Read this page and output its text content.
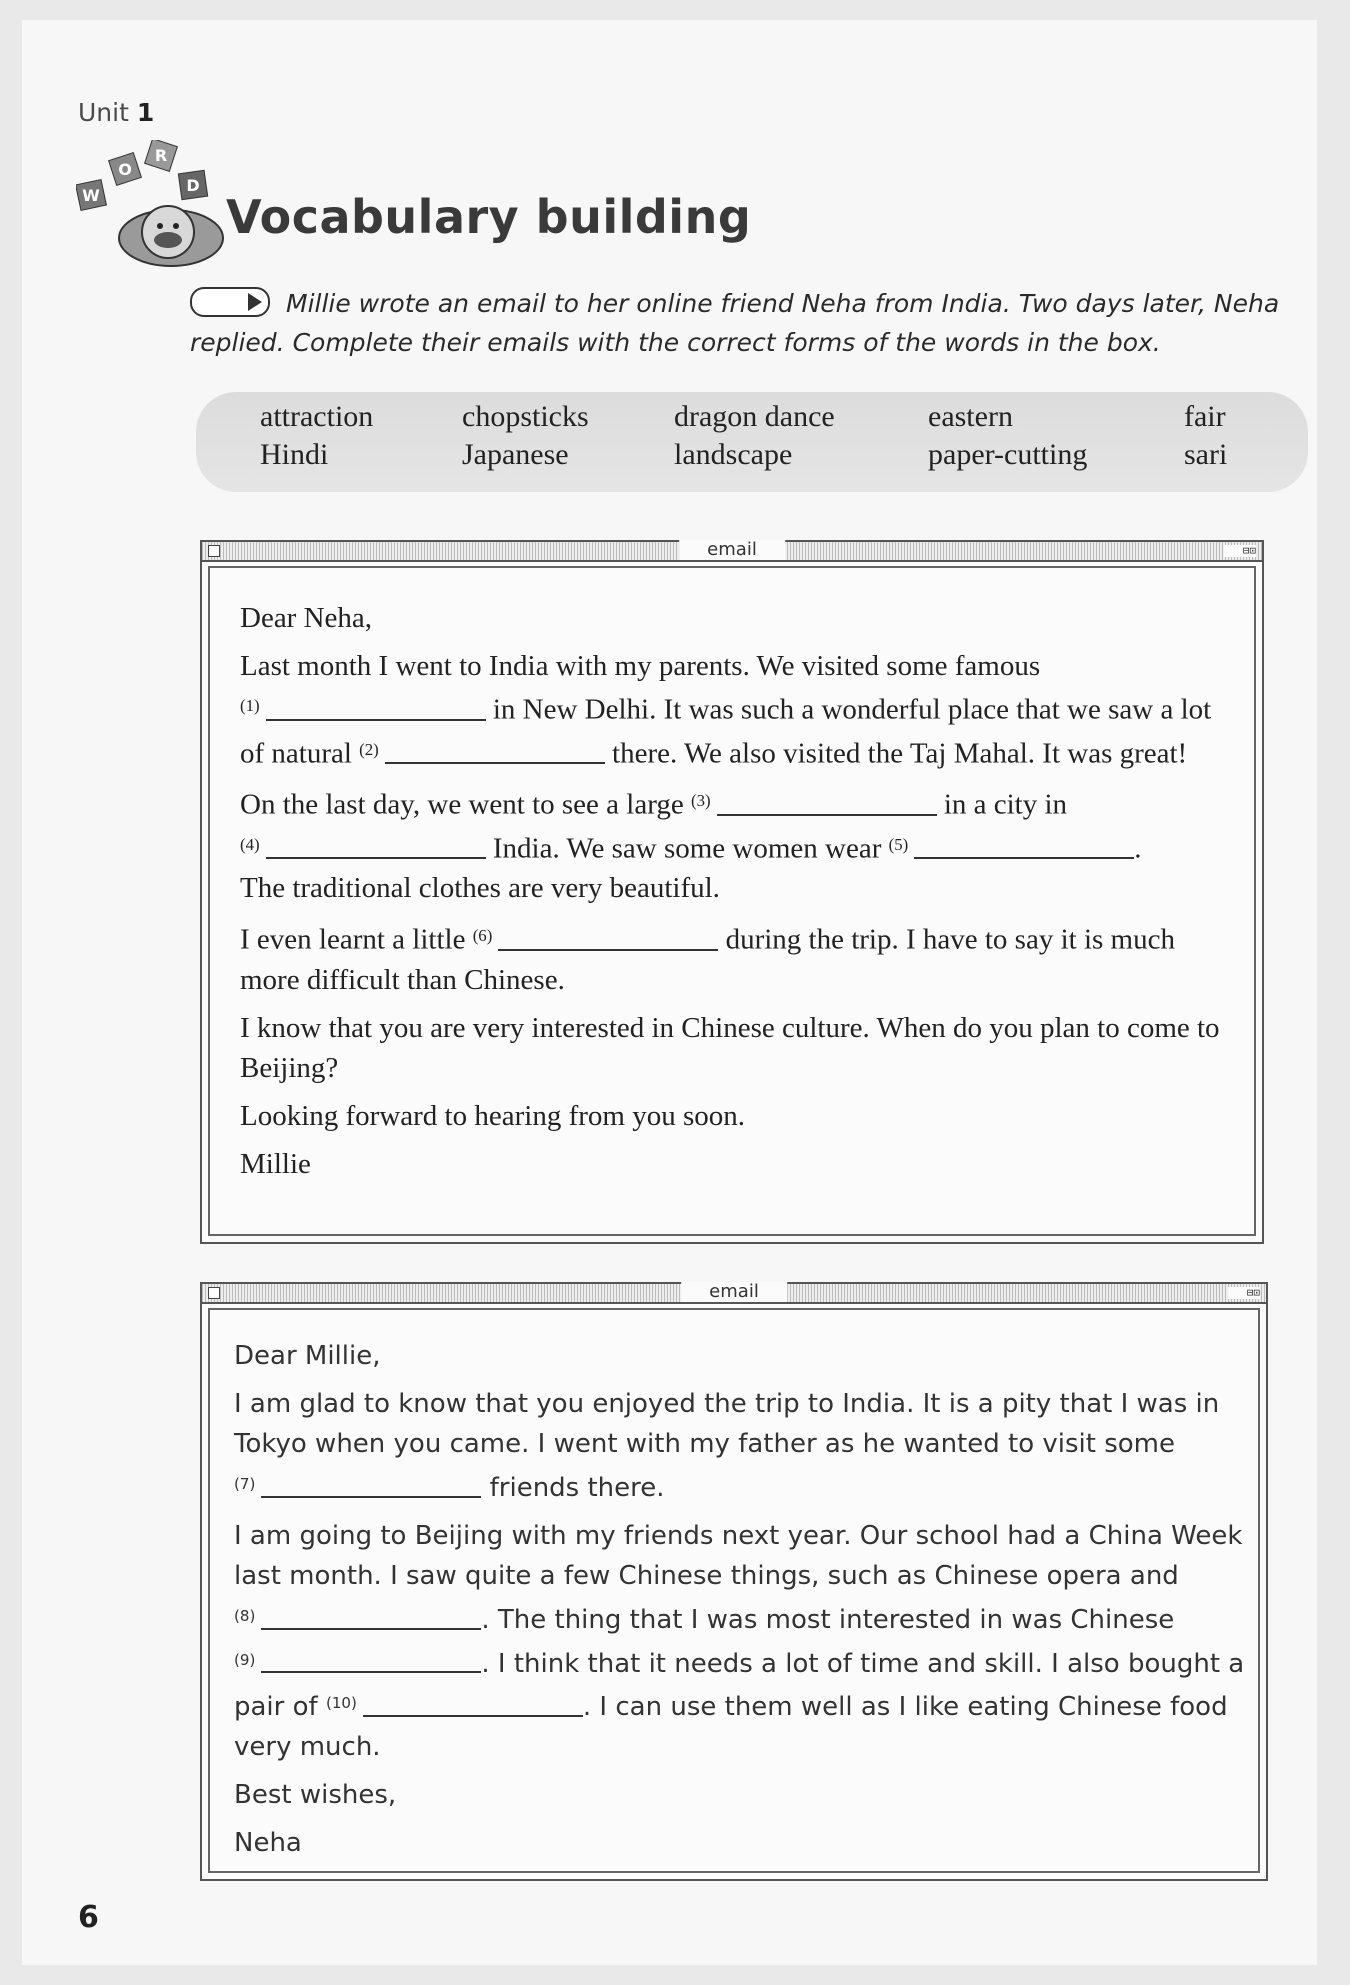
Unit 1
W
O
R
D
Vocabulary building
Millie wrote an email to her online friend Neha from India. Two days later, Neha replied. Complete their emails with the correct forms of the words in the box.
attraction	chopsticks	dragon dance	eastern	fair
Hindi	Japanese	landscape	paper-cutting	sari
email	⊟⊡

Dear Neha,

Last month I went to India with my parents. We visited some famous
$^{(1)}$	in New Delhi. It was such a wonderful place that we saw a lot of natural $^{(2)}$	there. We also visited the Taj Mahal. It was great!

On the last day, we went to see a large $^{(3)}$	in a city in
$^{(4)}$	India. We saw some women wear $^{(5)}$	.
The traditional clothes are very beautiful.

I even learnt a little $^{(6)}$	during the trip. I have to say it is much more difficult than Chinese.

I know that you are very interested in Chinese culture. When do you plan to come to Beijing?

Looking forward to hearing from you soon.

Millie

email	⊟⊡

Dear Millie,

I am glad to know that you enjoyed the trip to India. It is a pity that I was in Tokyo when you came. I went with my father as he wanted to visit some
$^{(7)}$	friends there.

I am going to Beijing with my friends next year. Our school had a China Week last month. I saw quite a few Chinese things, such as Chinese opera and
$^{(8)}$	. The thing that I was most interested in was Chinese
$^{(9)}$	. I think that it needs a lot of time and skill. I also bought a pair of $^{(10)}$	. I can use them well as I like eating Chinese food very much.

Best wishes,

Neha

6
